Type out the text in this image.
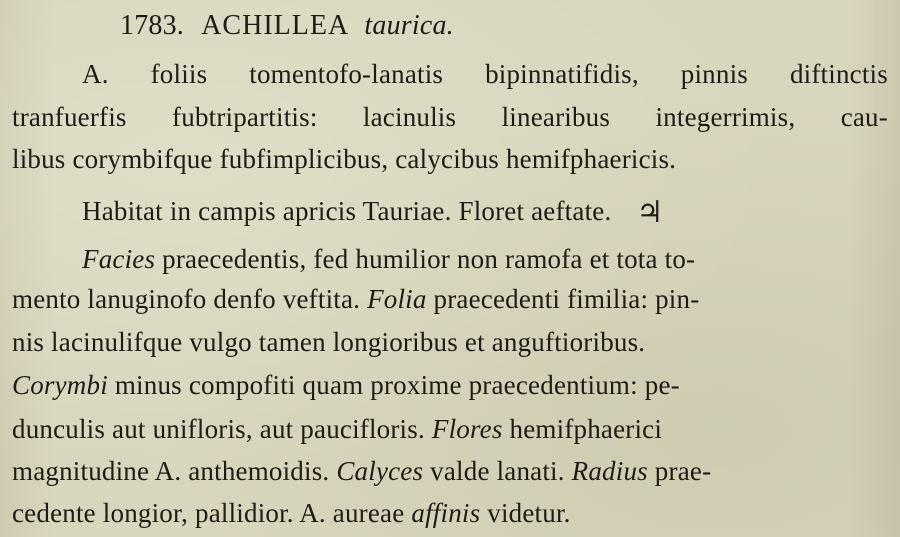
1783. ACHILLEA taurica.
A. foliis tomentofo-lanatis bipinnatifidis, pinnis diftinctis
tranfuerfis fubtripartitis: lacinulis linearibus integerrimis, cau-
libus corymbifque fubfimplicibus, calycibus hemifphaericis.
Habitat in campis apricis Tauriae. Floret aeftate. ♃
Facies praecedentis, fed humilior non ramofa et tota to-
mento lanuginofo denfo veftita. Folia praecedenti fimilia: pin-
nis lacinulifque vulgo tamen longioribus et anguftioribus.
Corymbi minus compofiti quam proxime praecedentium: pe-
dunculis aut unifloris, aut paucifloris. Flores hemifphaerici
magnitudine A. anthemoidis. Calyces valde lanati. Radius prae-
cedente longior, pallidior. A. aureae affinis videtur.
